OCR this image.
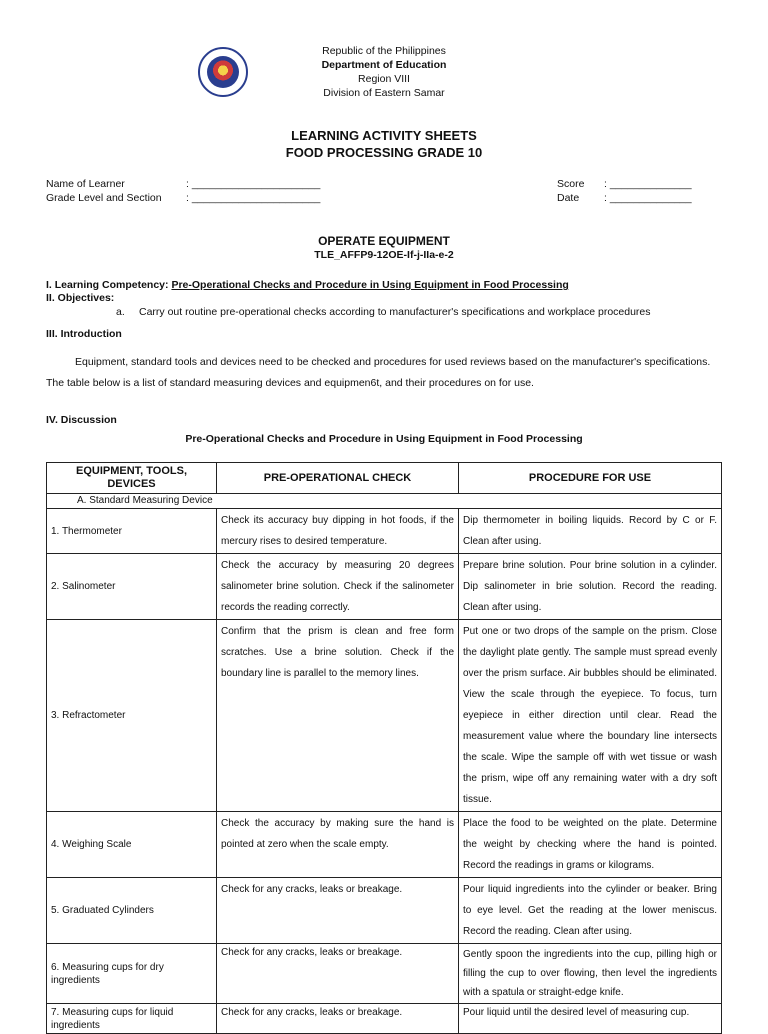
Republic of the Philippines
Department of Education
Region VIII
Division of Eastern Samar
LEARNING ACTIVITY SHEETS
FOOD PROCESSING GRADE 10
Name of Learner	: ______________________
Grade Level and Section : ______________________
Score : ______________
Date : ______________
OPERATE EQUIPMENT
TLE_AFFP9-12OE-If-j-IIa-e-2
I. Learning Competency: Pre-Operational Checks and Procedure in Using Equipment in Food Processing
II. Objectives:
a. Carry out routine pre-operational checks according to manufacturer's specifications and workplace procedures
III. Introduction
Equipment, standard tools and devices need to be checked and procedures for used reviews based on the manufacturer's specifications.
The table below is a list of standard measuring devices and equipmen6t, and their procedures on for use.
IV. Discussion
Pre-Operational Checks and Procedure in Using Equipment in Food Processing
EQUIPMENT, TOOLS, DEVICES	PRE-OPERATIONAL CHECK	PROCEDURE FOR USE
A. Standard Measuring Device		
1. Thermometer	Check its accuracy buy dipping in hot foods, if the mercury rises to desired temperature.	Dip thermometer in boiling liquids. Record by C or F. Clean after using.
2. Salinometer	Check the accuracy by measuring 20 degrees salinometer brine solution. Check if the salinometer records the reading correctly.	Prepare brine solution. Pour brine solution in a cylinder. Dip salinometer in brie solution. Record the reading. Clean after using.
3. Refractometer	Confirm that the prism is clean and free form scratches. Use a brine solution. Check if the boundary line is parallel to the memory lines.	Put one or two drops of the sample on the prism. Close the daylight plate gently. The sample must spread evenly over the prism surface. Air bubbles should be eliminated. View the scale through the eyepiece. To focus, turn eyepiece in either direction until clear. Read the measurement value where the boundary line intersects the scale. Wipe the sample off with wet tissue or wash the prism, wipe off any remaining water with a dry soft tissue.
4. Weighing Scale	Check the accuracy by making sure the hand is pointed at zero when the scale empty.	Place the food to be weighted on the plate. Determine the weight by checking where the hand is pointed. Record the readings in grams or kilograms.
5. Graduated Cylinders	Check for any cracks, leaks or breakage.	Pour liquid ingredients into the cylinder or beaker. Bring to eye level. Get the reading at the lower meniscus. Record the reading. Clean after using.
6. Measuring cups for dry ingredients	Check for any cracks, leaks or breakage.	Gently spoon the ingredients into the cup, pilling high or filling the cup to over flowing, then level the ingredients with a spatula or straight-edge knife.
7. Measuring cups for liquid ingredients	Check for any cracks, leaks or breakage.	Pour liquid until the desired level of measuring cup.
